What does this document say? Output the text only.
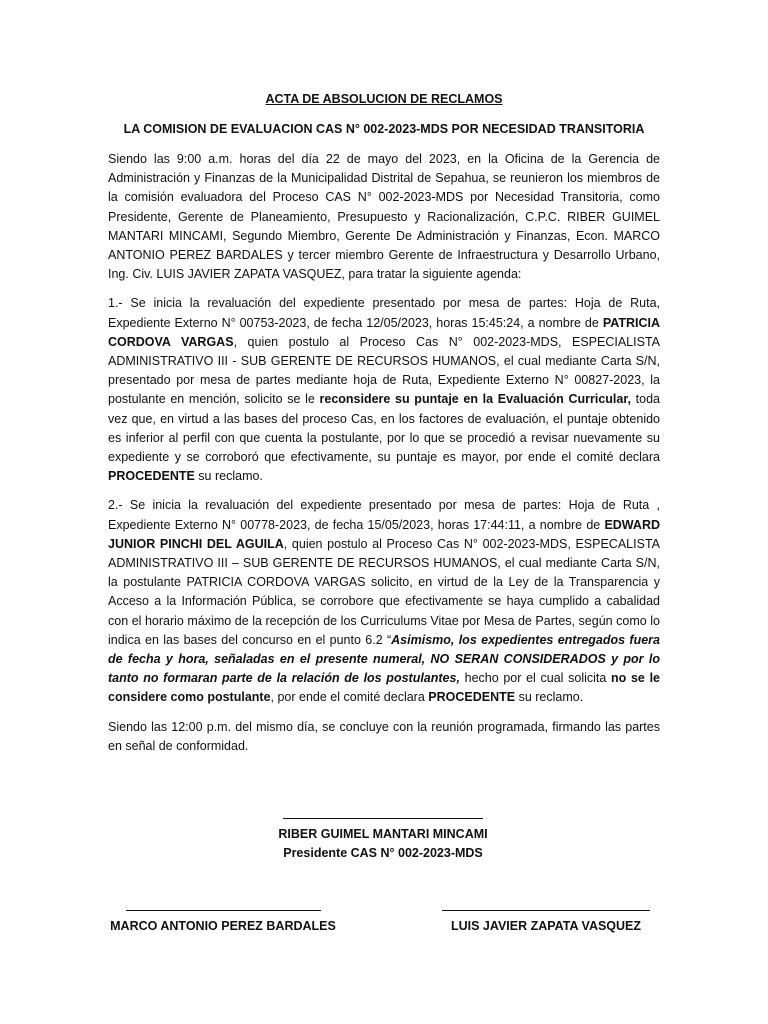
ACTA DE ABSOLUCION DE RECLAMOS
LA COMISION DE EVALUACION CAS N° 002-2023-MDS POR NECESIDAD TRANSITORIA

Siendo las 9:00 a.m. horas del día 22 de mayo del 2023, en la Oficina de la Gerencia de Administración y Finanzas de la Municipalidad Distrital de Sepahua, se reunieron los miembros de la comisión evaluadora del Proceso CAS N° 002-2023-MDS por Necesidad Transitoria, como Presidente, Gerente de Planeamiento, Presupuesto y Racionalización, C.P.C. RIBER GUIMEL MANTARI MINCAMI, Segundo Miembro, Gerente De Administración y Finanzas, Econ. MARCO ANTONIO PEREZ BARDALES y tercer miembro Gerente de Infraestructura y Desarrollo Urbano, Ing. Civ. LUIS JAVIER ZAPATA VASQUEZ, para tratar la siguiente agenda:

1.- Se inicia la revaluación del expediente presentado por mesa de partes: Hoja de Ruta, Expediente Externo N° 00753-2023, de fecha 12/05/2023, horas 15:45:24, a nombre de PATRICIA CORDOVA VARGAS, quien postulo al Proceso Cas N° 002-2023-MDS, ESPECIALISTA ADMINISTRATIVO III - SUB GERENTE DE RECURSOS HUMANOS, el cual mediante Carta S/N, presentado por mesa de partes mediante hoja de Ruta, Expediente Externo N° 00827-2023, la postulante en mención, solicito se le reconsidere su puntaje en la Evaluación Curricular, toda vez que, en virtud a las bases del proceso Cas, en los factores de evaluación, el puntaje obtenido es inferior al perfil con que cuenta la postulante, por lo que se procedió a revisar nuevamente su expediente y se corroboró que efectivamente, su puntaje es mayor, por ende el comité declara PROCEDENTE su reclamo.

2.- Se inicia la revaluación del expediente presentado por mesa de partes: Hoja de Ruta , Expediente Externo N° 00778-2023, de fecha 15/05/2023, horas 17:44:11, a nombre de EDWARD JUNIOR PINCHI DEL AGUILA, quien postulo al Proceso Cas N° 002-2023-MDS, ESPECALISTA ADMINISTRATIVO III – SUB GERENTE DE RECURSOS HUMANOS, el cual mediante Carta S/N, la postulante PATRICIA CORDOVA VARGAS solicito, en virtud de la Ley de la Transparencia y Acceso a la Información Pública, se corrobore que efectivamente se haya cumplido a cabalidad con el horario máximo de la recepción de los Curriculums Vitae por Mesa de Partes, según como lo indica en las bases del concurso en el punto 6.2 “Asimismo, los expedientes entregados fuera de fecha y hora, señaladas en el presente numeral, NO SERAN CONSIDERADOS y por lo tanto no formaran parte de la relación de los postulantes, hecho por el cual solicita no se le considere como postulante, por ende el comité declara PROCEDENTE su reclamo.

Siendo las 12:00 p.m. del mismo día, se concluye con la reunión programada, firmando las partes en señal de conformidad.

RIBER GUIMEL MANTARI MINCAMI
Presidente CAS N° 002-2023-MDS
MARCO ANTONIO PEREZ BARDALES	LUIS JAVIER ZAPATA VASQUEZ
